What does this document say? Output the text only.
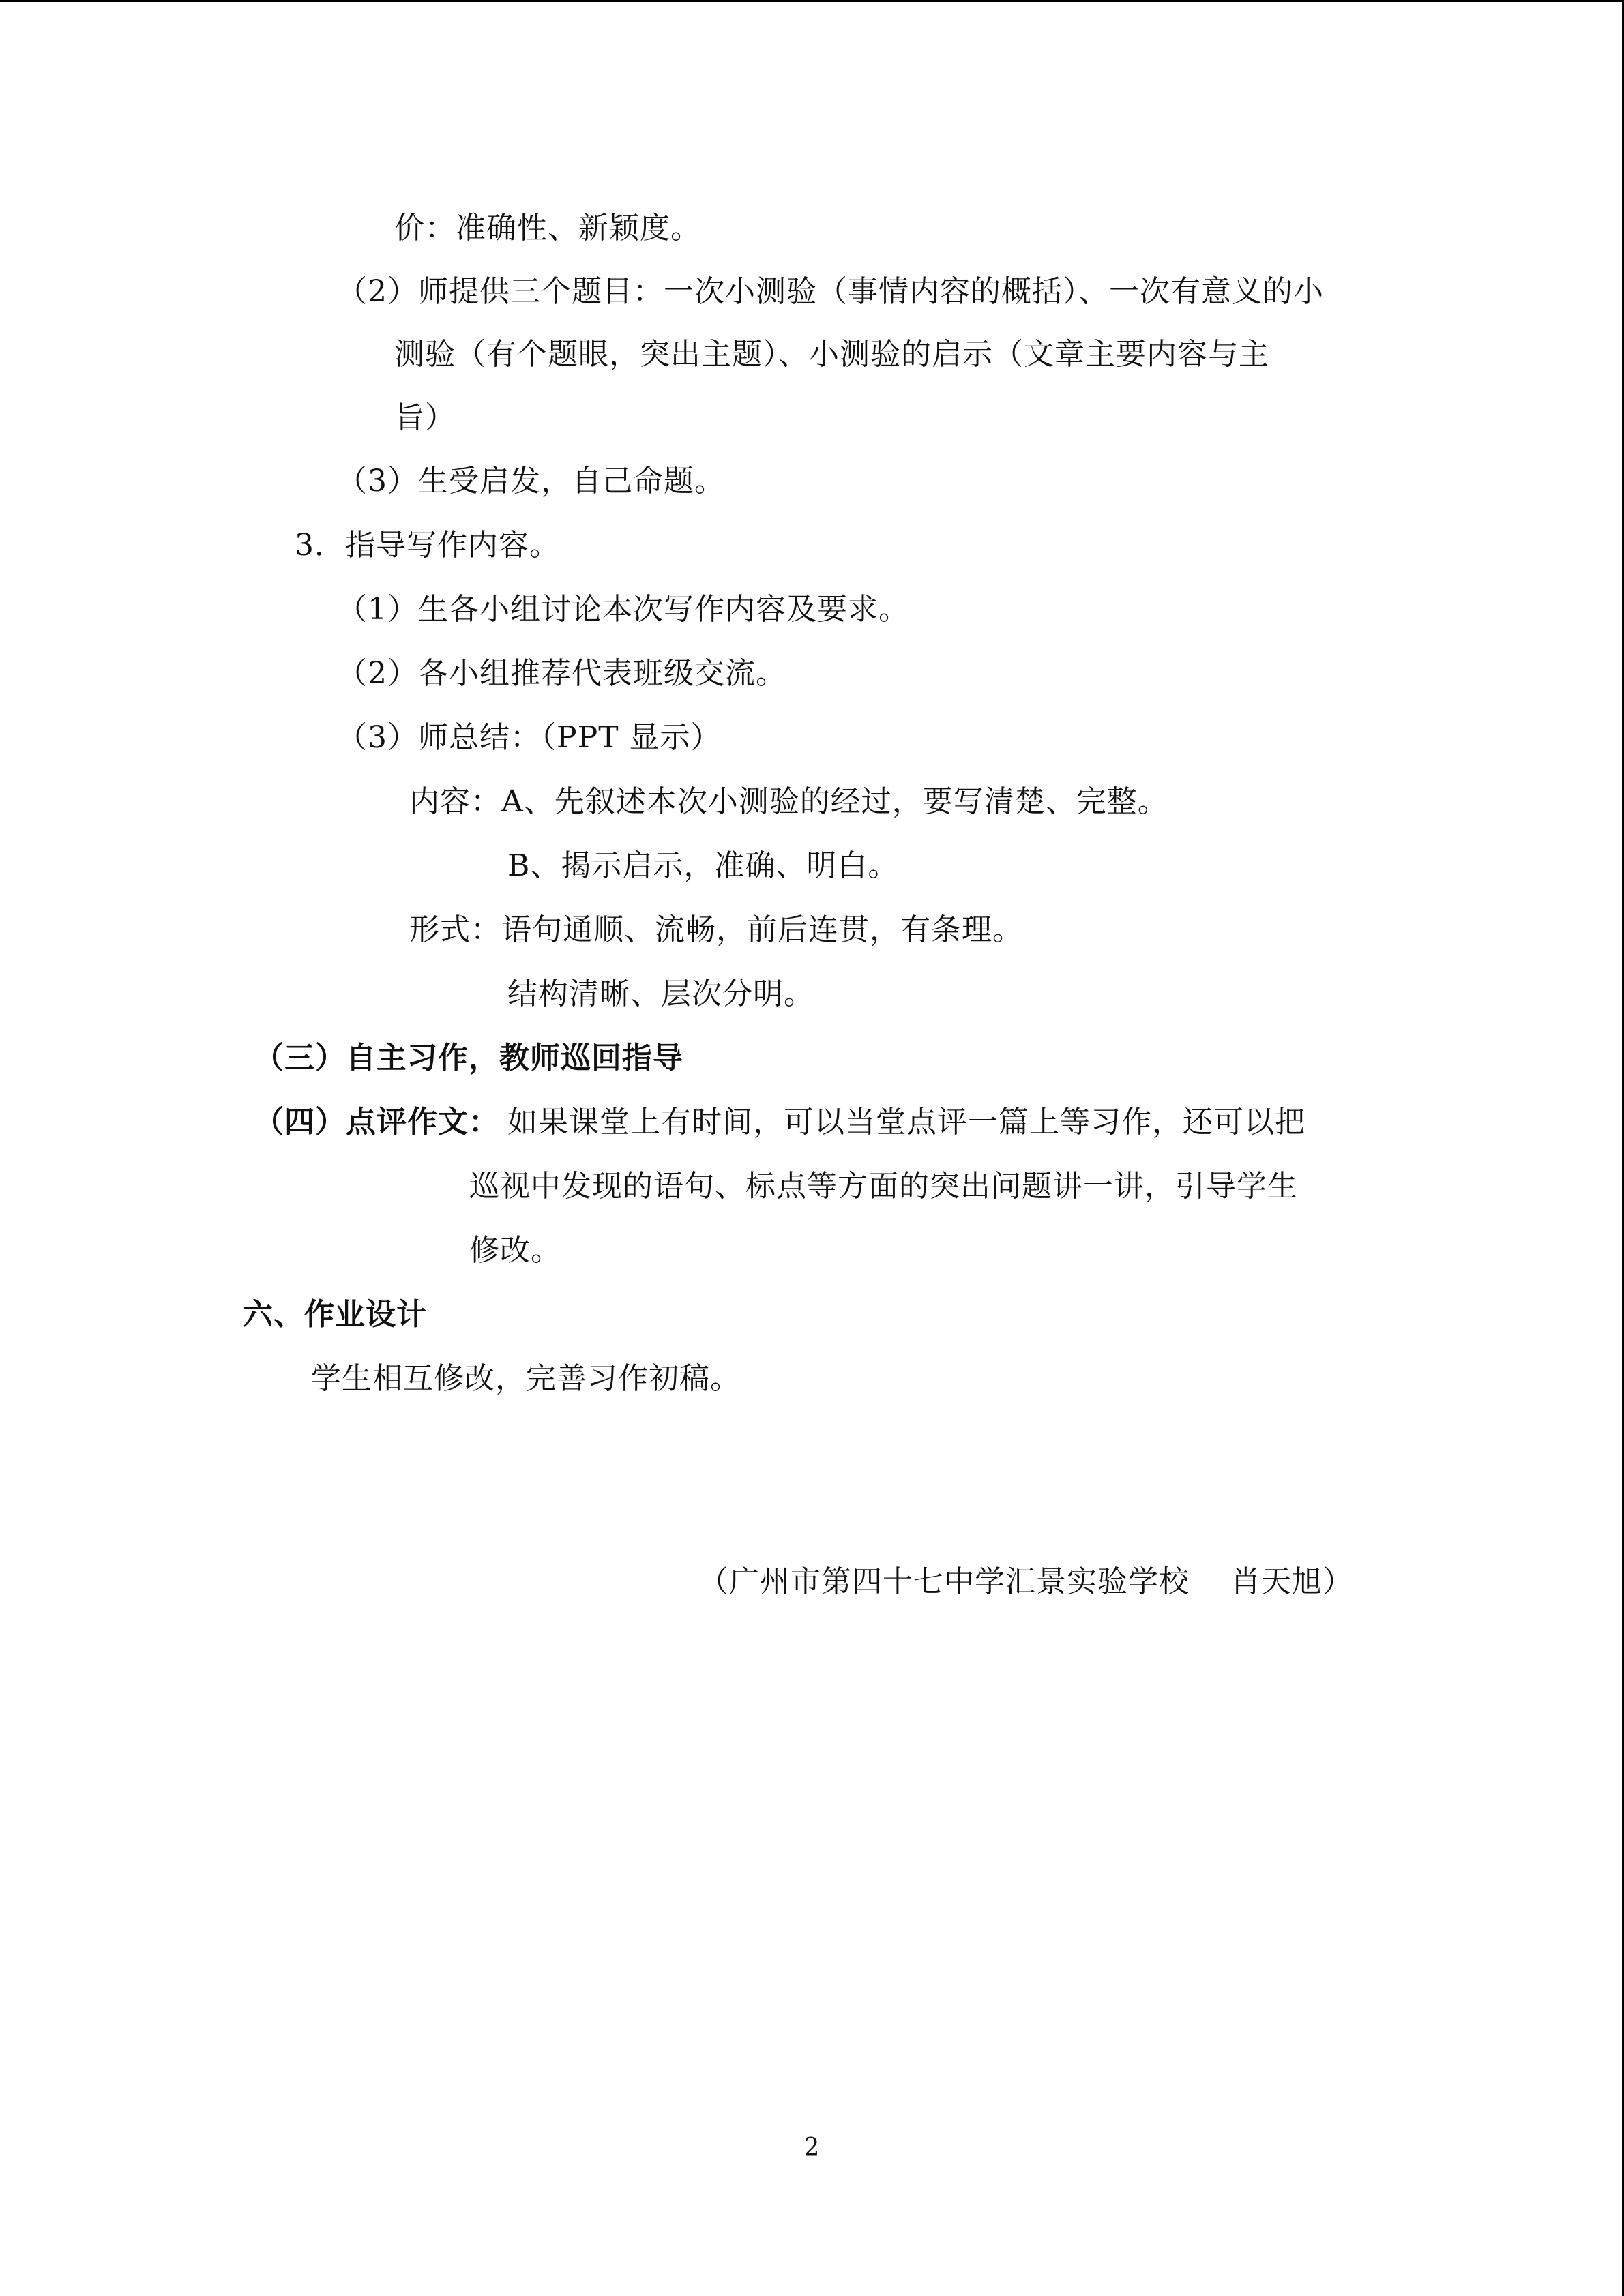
价：准确性、新颖度。
（2）师提供三个题目：一次小测验（事情内容的概括）、一次有意义的小
测验（有个题眼，突出主题）、小测验的启示（文章主要内容与主
旨）
（3）生受启发，自己命题。
3．指导写作内容。
（1）生各小组讨论本次写作内容及要求。
（2）各小组推荐代表班级交流。
（3）师总结：（PPT 显示）
内容：A、先叙述本次小测验的经过，要写清楚、完整。
B、揭示启示，准确、明白。
形式：语句通顺、流畅，前后连贯，有条理。
结构清晰、层次分明。
（三）自主习作，教师巡回指导
（四）点评作文： 如果课堂上有时间，可以当堂点评一篇上等习作，还可以把
巡视中发现的语句、标点等方面的突出问题讲一讲，引导学生
修改。
六、作业设计
学生相互修改，完善习作初稿。
（广州市第四十七中学汇景实验学校　 肖天旭）
2
